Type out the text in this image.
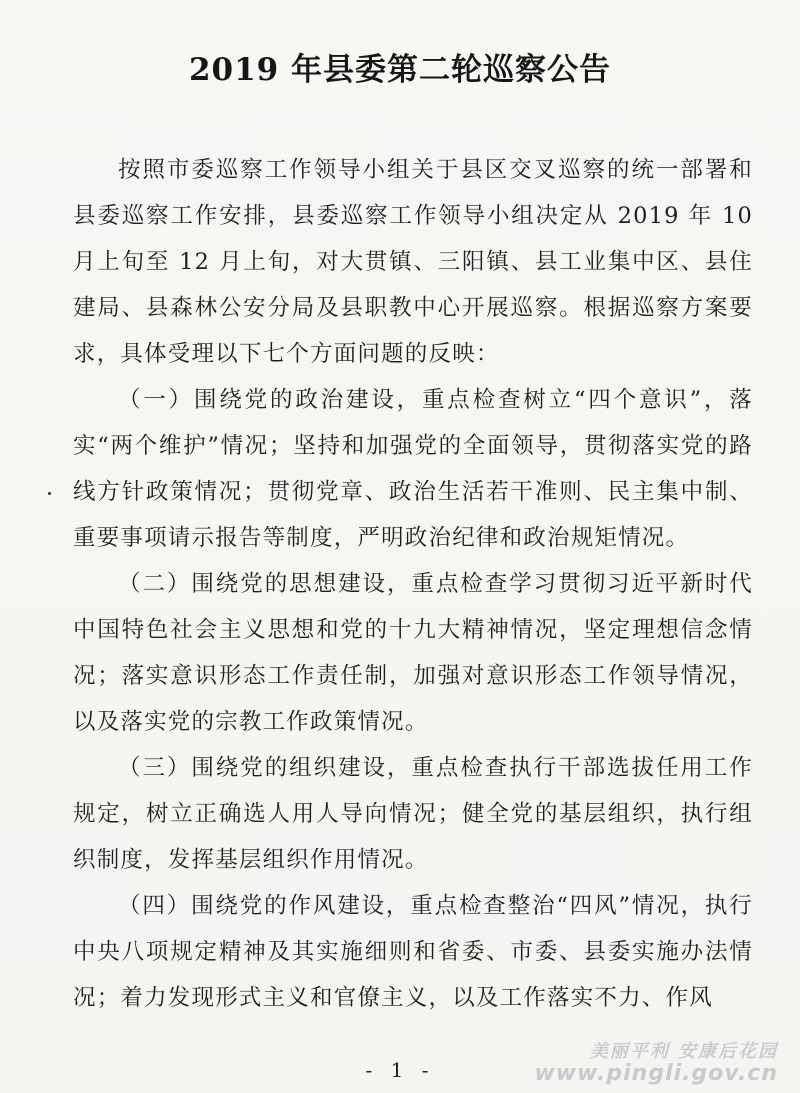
2019 年县委第二轮巡察公告

按照市委巡察工作领导小组关于县区交叉巡察的统一部署和县委巡察工作安排，县委巡察工作领导小组决定从 2019 年 10 月上旬至 12 月上旬，对大贯镇、三阳镇、县工业集中区、县住建局、县森林公安分局及县职教中心开展巡察。根据巡察方案要求，具体受理以下七个方面问题的反映：

（一）围绕党的政治建设，重点检查树立“四个意识”，落实“两个维护”情况；坚持和加强党的全面领导，贯彻落实党的路线方针政策情况；贯彻党章、政治生活若干准则、民主集中制、重要事项请示报告等制度，严明政治纪律和政治规矩情况。

（二）围绕党的思想建设，重点检查学习贯彻习近平新时代中国特色社会主义思想和党的十九大精神情况，坚定理想信念情况；落实意识形态工作责任制，加强对意识形态工作领导情况，以及落实党的宗教工作政策情况。

（三）围绕党的组织建设，重点检查执行干部选拔任用工作规定，树立正确选人用人导向情况；健全党的基层组织，执行组织制度，发挥基层组织作用情况。

（四）围绕党的作风建设，重点检查整治“四风”情况，执行中央八项规定精神及其实施细则和省委、市委、县委实施办法情况；着力发现形式主义和官僚主义，以及工作落实不力、作风

- 1 -
美丽平利 安康后花园
www.pingli.gov.cn
